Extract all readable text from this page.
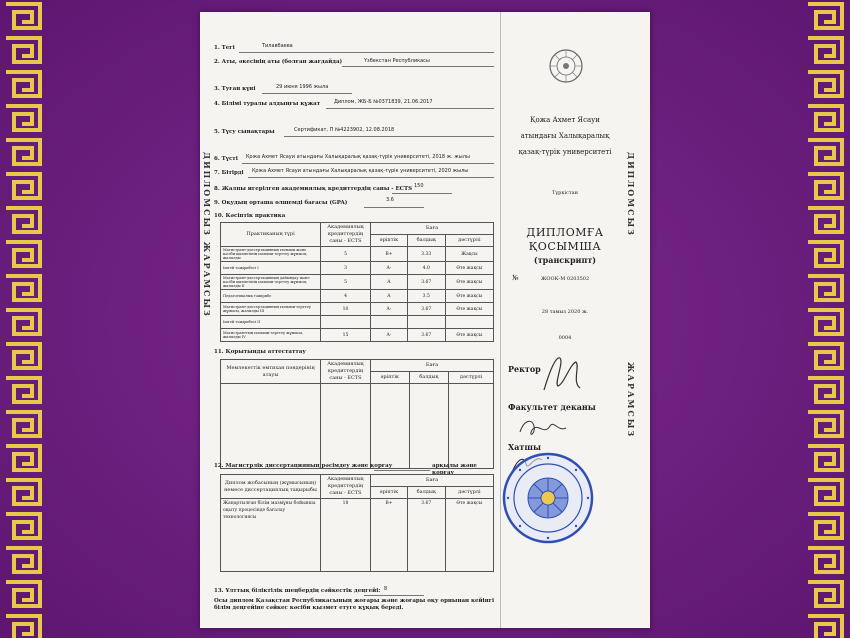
ДИПЛОМСЫЗ ЖАРАМСЫЗ	ДИПЛОМСЫЗ
ЖАРАМСЫЗ
1. Тегі	Тилавбаева
2. Аты, әкесінің аты (болған жағдайда)	Үзбекстан Республикасы
3. Туған күні	29 июня 1996 жыла
4. Білімі туралы алдыңғы құжат	Диплом, ЖБ-Б №0371839, 21.06.2017
5. Түсу сынақтары	Сертификат, П №4223902, 12.08.2018
6. Түсті Қожа Ахмет Ясауи атындағы Халықаралық қазақ-түрік университеті, 2018 ж. жылы
7. Бітірді Қожа Ахмет Ясауи атындағы Халықаралық қазақ-түрік университеті, 2020 жылы
8. Жалпы игерілген академиялық кредиттердің саны - ECTS 150
9. Оқудың орташа өлшемді бағасы (GPA)	3.6
10. Кәсіптік практика
Практиканың түрі	Академиялық кредиттердің саны - ECTS	Баға		
		әріптік	балдық	дәстүрлі
Магистрант-диссертацияның ғылыми және кәсіби қызметінің ғылыми-зерттеу жұмысы, жазылды	5	B+	3.33	Жақсы
Іштей тәжірибесі I	3	A-	4.0	Өте жақсы
Магистрант-диссертацияның дайындау және кәсіби қызметінің ғылыми-зерттеу жұмысы, жазылды II	5	A	3.67	Өте жақсы
Педагогикалық тәжірибе	4	A	3.5	Өте жақсы
Магистрант-диссертацияның ғылыми-зерттеу жұмысы, жазылды III	10	A-	3.67	Өте жақсы
Іштей тәжірибесі II				
Магистранттың ғылыми-зерттеу жұмысы, жазылды IV	15	A-	3.67	Өте жақсы
11. Қорытынды аттестаттау
Мемлекеттік емтихан пәндерінің атауы	Академиялық кредиттердің саны - ECTS	Баға		
		әріптік	балдық	дәстүрлі

12. Магистрлік диссертацияның рәсімдеу және қорғау	арқылы және қорғау
Диплом жобасының (жұмысының) немесе диссертациялық тақырыбы	Академиялық кредиттердің саны - ECTS	Баға		
		әріптік	балдық	дәстүрлі
Жаңартылған білім мазмұны бойынша оқыту процесінде бағалау технологиясы	18	B+	3.67	Өте жақсы
13. Ұлттық біліктілік шеңбердің сәйкестік деңгейі: 8
Осы диплом Қазақстан Республикасының жоғары және жоғары оқу орнынан кейінгі білім деңгейіне сәйкес кәсіби қызмет етуге құқық береді.
Қожа Ахмет Ясауи
атындағы Халықаралық
қазақ-түрік университеті
Түркістан
ДИПЛОМҒА
ҚОСЫМША
(транскрипт)
№	ЖООК-М 0203502
28 тамыз 2020 ж.
0004
Ректор
Факультет деканы
Хатшы
